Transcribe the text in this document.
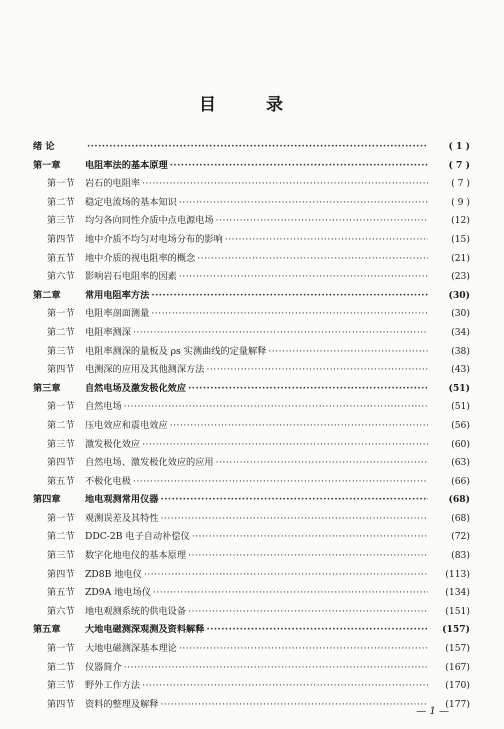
目 录
绪 论 ·····	( 1 )
第一章	电阻率法的基本原理 ·····	( 7 )
第一节	岩石的电阻率 ·····	( 7 )
第二节	稳定电流场的基本知识 ·····	( 9 )
第三节	均匀各向同性介质中点电源电场 ·····	(12)
第四节	地中介质不均匀对电场分布的影响 ·····	(15)
第五节	地中介质的视电阻率的概念 ·····	(21)
第六节	影响岩石电阻率的因素 ·····	(23)
第二章	常用电阻率方法 ·····	(30)
第一节	电阻率剖面测量 ·····	(30)
第二节	电阻率测深 ·····	(34)
第三节	电阻率测深的量板及 ρs 实测曲线的定量解释 ·····	(38)
第四节	电测深的应用及其他测深方法 ·····	(43)
第三章	自然电场及激发极化效应 ·····	(51)
第一节	自然电场 ·····	(51)
第二节	压电效应和震电效应 ·····	(56)
第三节	激发极化效应 ·····	(60)
第四节	自然电场、激发极化效应的应用 ·····	(63)
第五节	不极化电极 ·····	(66)
第四章	地电观测常用仪器 ·····	(68)
第一节	观测误差及其特性 ·····	(68)
第二节	DDC-2B 电子自动补偿仪 ·····	(72)
第三节	数字化地电仪的基本原理 ·····	(83)
第四节	ZD8B 地电仪 ·····	(113)
第五节	ZD9A 地电场仪 ·····	(134)
第六节	地电观测系统的供电设备 ·····	(151)
第五章	大地电磁测深观测及资料解释 ·····	(157)
第一节	大地电磁测深基本理论 ·····	(157)
第二节	仪器简介 ·····	(167)
第三节	野外工作方法 ·····	(170)
第四节	资料的整理及解释 ·····	(177)
— 1 —
